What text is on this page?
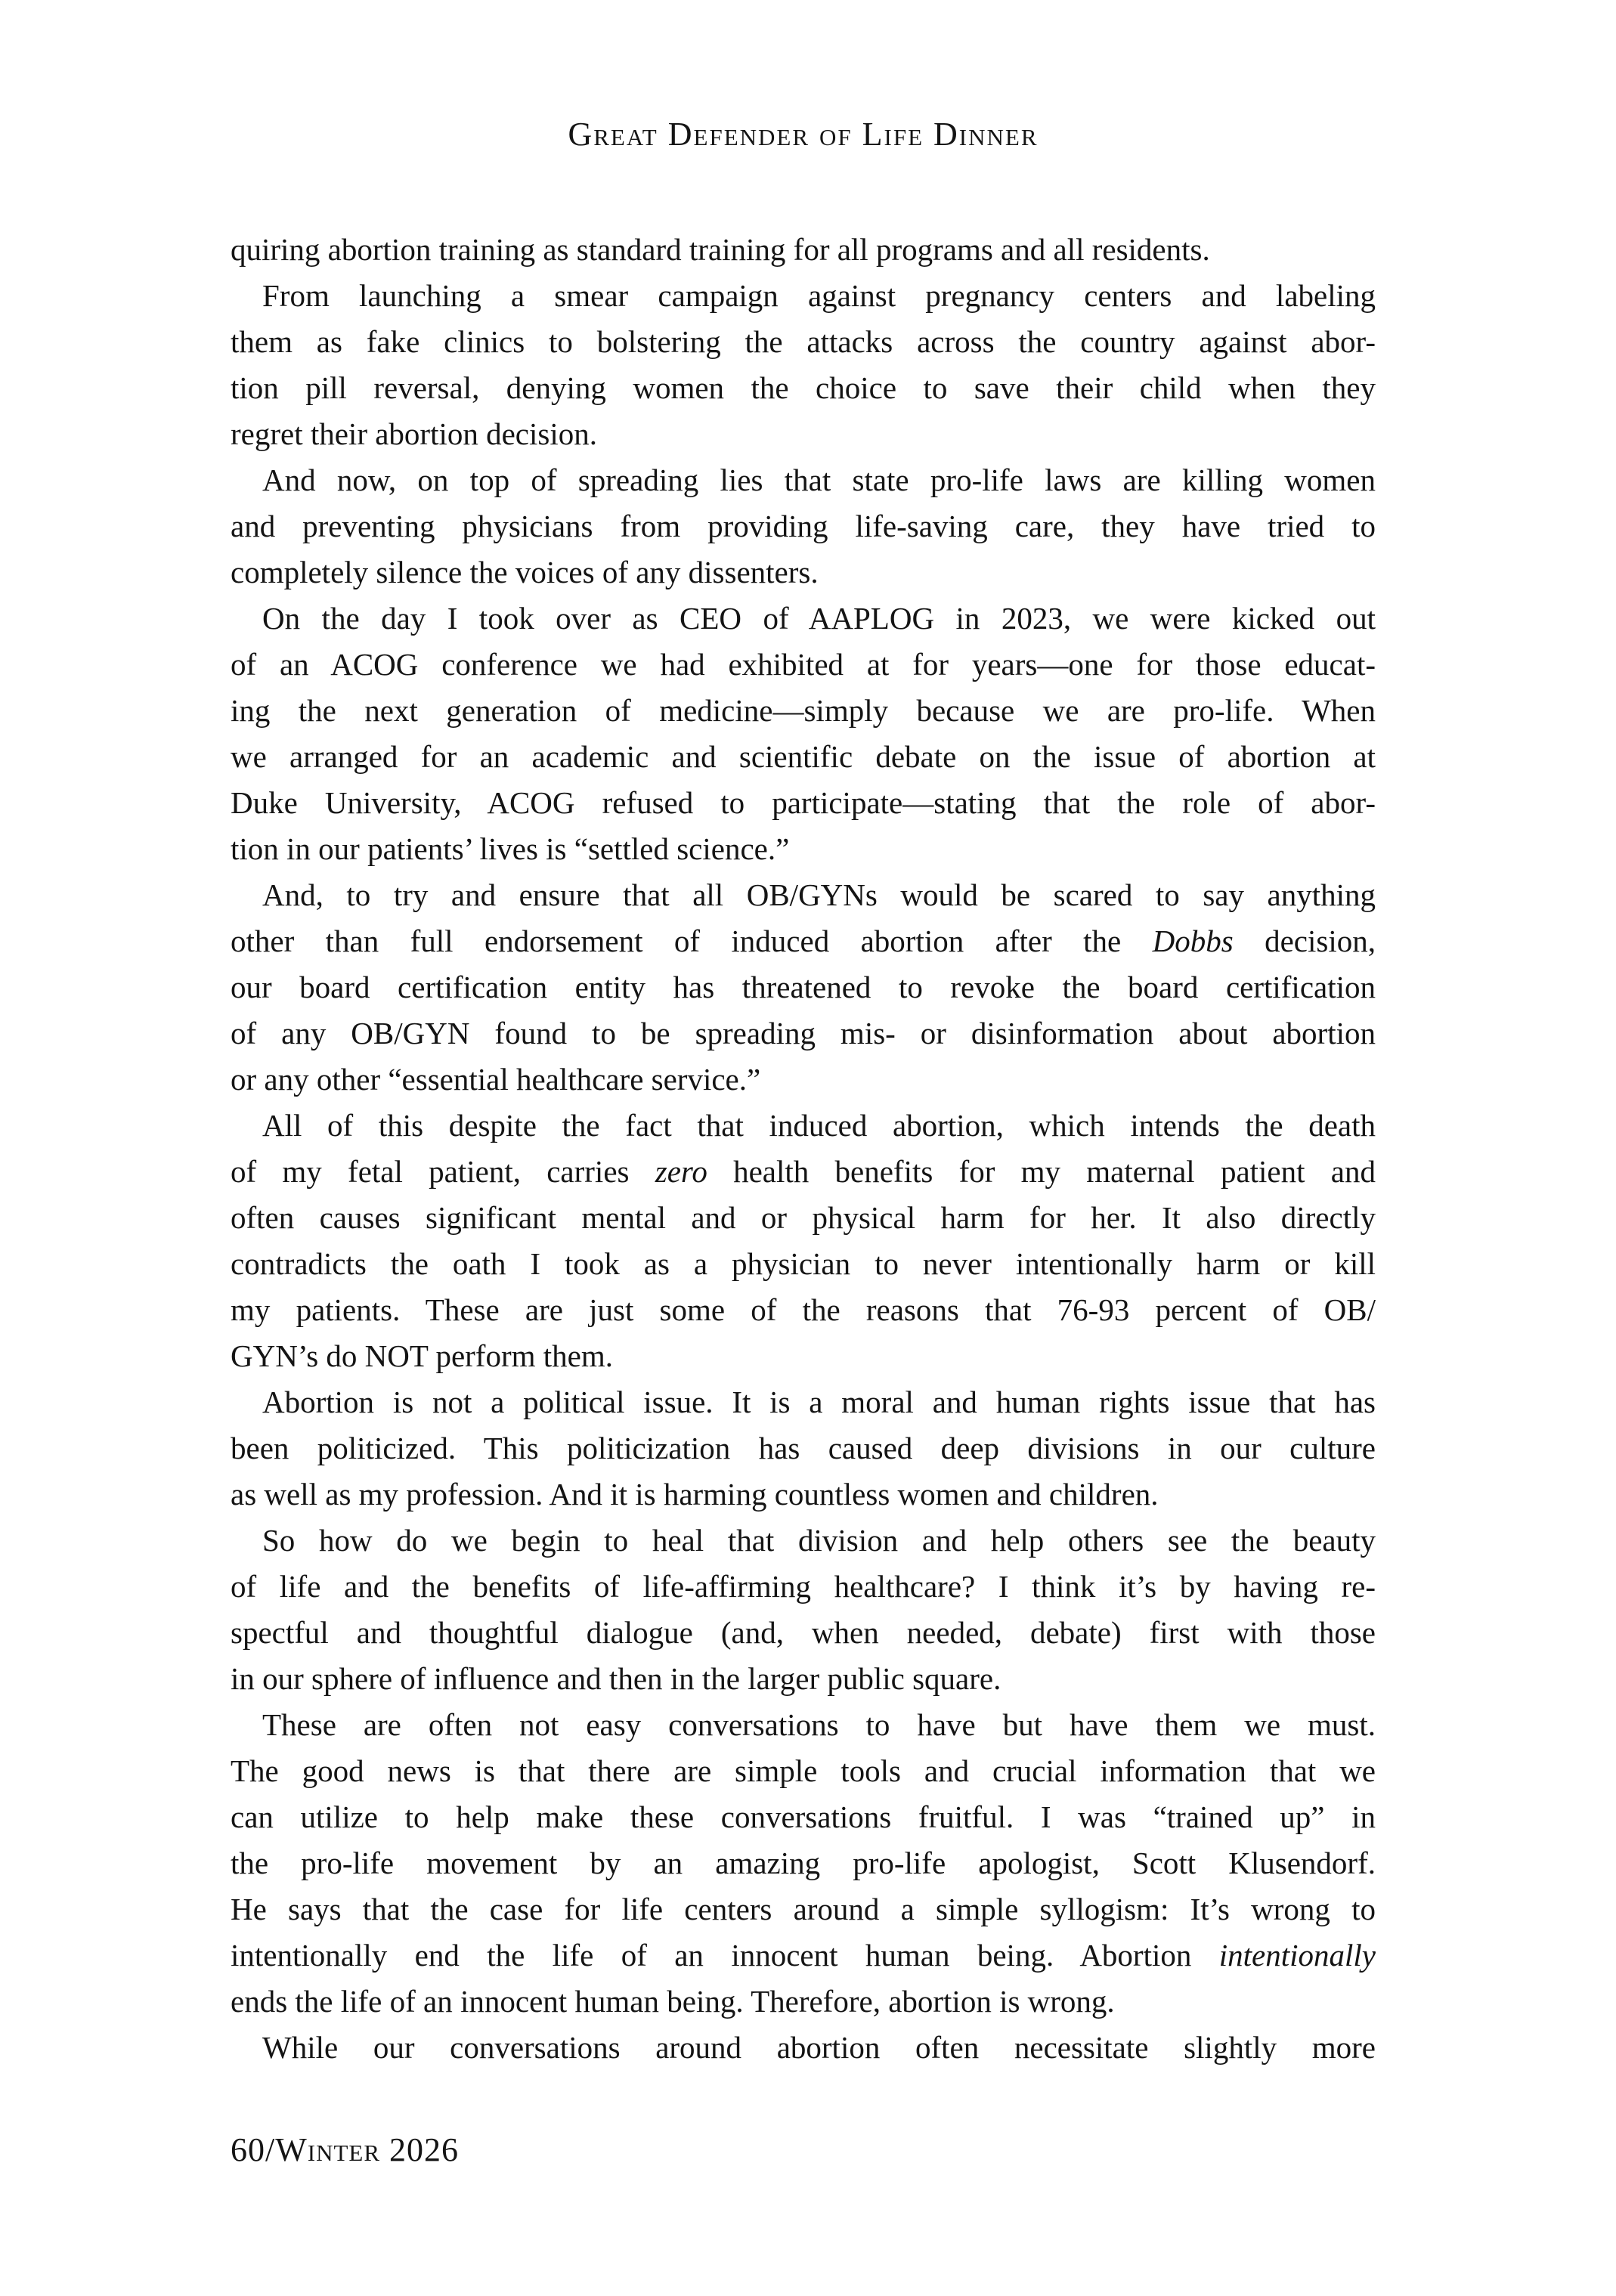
Great Defender of Life Dinner
quiring abortion training as standard training for all programs and all residents.
From launching a smear campaign against pregnancy centers and labeling
them as fake clinics to bolstering the attacks across the country against abor-
tion pill reversal, denying women the choice to save their child when they
regret their abortion decision.
And now, on top of spreading lies that state pro-life laws are killing women
and preventing physicians from providing life-saving care, they have tried to
completely silence the voices of any dissenters.
On the day I took over as CEO of AAPLOG in 2023, we were kicked out
of an ACOG conference we had exhibited at for years—one for those educat-
ing the next generation of medicine—simply because we are pro-life. When
we arranged for an academic and scientific debate on the issue of abortion at
Duke University, ACOG refused to participate—stating that the role of abor-
tion in our patients’ lives is “settled science.”
And, to try and ensure that all OB/GYNs would be scared to say anything
other than full endorsement of induced abortion after the Dobbs decision,
our board certification entity has threatened to revoke the board certification
of any OB/GYN found to be spreading mis- or disinformation about abortion
or any other “essential healthcare service.”
All of this despite the fact that induced abortion, which intends the death
of my fetal patient, carries zero health benefits for my maternal patient and
often causes significant mental and or physical harm for her. It also directly
contradicts the oath I took as a physician to never intentionally harm or kill
my patients. These are just some of the reasons that 76-93 percent of OB/
GYN’s do NOT perform them.
Abortion is not a political issue. It is a moral and human rights issue that has
been politicized. This politicization has caused deep divisions in our culture
as well as my profession. And it is harming countless women and children.
So how do we begin to heal that division and help others see the beauty
of life and the benefits of life-affirming healthcare? I think it’s by having re-
spectful and thoughtful dialogue (and, when needed, debate) first with those
in our sphere of influence and then in the larger public square.
These are often not easy conversations to have but have them we must.
The good news is that there are simple tools and crucial information that we
can utilize to help make these conversations fruitful. I was “trained up” in
the pro-life movement by an amazing pro-life apologist, Scott Klusendorf.
He says that the case for life centers around a simple syllogism: It’s wrong to
intentionally end the life of an innocent human being. Abortion intentionally
ends the life of an innocent human being. Therefore, abortion is wrong.
While our conversations around abortion often necessitate slightly more
60/Winter 2026
